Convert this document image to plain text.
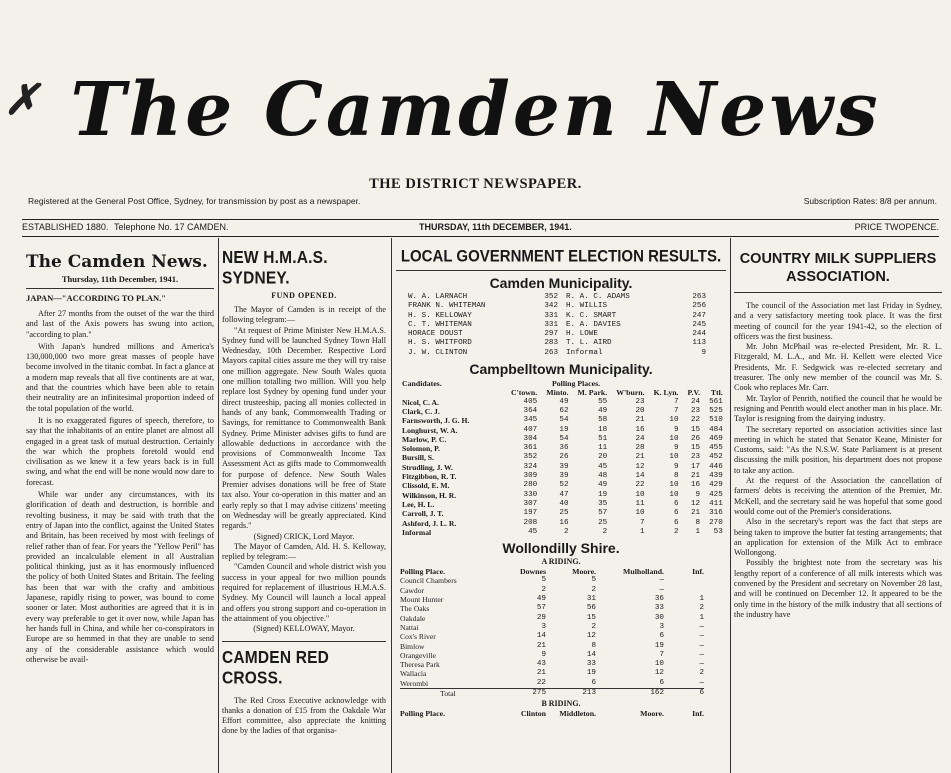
✗ The Camden News
THE DISTRICT NEWSPAPER.
Registered at the General Post Office, Sydney, for transmission by post as a newspaper.	Subscription Rates: 8/8 per annum.
ESTABLISHED 1880. Telephone No. 17 CAMDEN.	THURSDAY, 11th DECEMBER, 1941.	PRICE TWOPENCE.
The Camden News.
Thursday, 11th December, 1941.
JAPAN—"ACCORDING TO PLAN."

After 27 months from the outset of the war the third and last of the Axis powers has swung into action, "according to plan."

With Japan's hundred millions and America's 130,000,000 two more great masses of people have become involved in the titanic combat. In fact a glance at a modern map reveals that all five continents are at war, and that the countries which have been able to retain their neutrality are an infinitesimal proportion indeed of the total population of the world.

It is no exaggerated figures of speech, therefore, to say that the inhabitants of an entire planet are almost all engaged in a great task of mutual destruction. Certainly the war which the prophets foretold would end civilisation as we knew it a few years back is in full swing, and what the end will be none would now dare to forecast.

While war under any circumstances, with its glorification of death and destruction, is horrible and revolting business, it may be said with truth that the entry of Japan into the conflict, against the United States and Britain, has been received by most with feelings of relief rather than of fear. For years the "Yellow Peril" has provided an incalculable element in all Australian political thinking, just as it has enormously influenced the policy of both United States and Britain. The feeling has been that war with the crafty and ambitious Japanese, rapidly rising to power, was bound to come sooner or later. Most authorities are agreed that it is in every way preferable to get it over now, while Japan has her hands full in China, and while her co-conspirators in Europe are so hemmed in that they are unable to send any of the considerable assistance which would otherwise be avail-

NEW H.M.A.S. SYDNEY.
FUND OPENED.

The Mayor of Camden is in receipt of the following telegram:—

"At request of Prime Minister New H.M.A.S. Sydney fund will be launched Sydney Town Hall Wednesday, 10th December. Respective Lord Mayors capital cities assure me they will try raise one million aggregate. New South Wales quota one million totalling two million. Will you help replace lost Sydney by opening fund under your direct trusteeship, pacing all monies collected in hands of any bank, Commonwealth Trading or Savings, for remittance to Commonwealth Bank Sydney. Prime Minister advises gifts to fund are allowable deductions in accordance with the provisions of Commonwealth Income Tax Assessment Act as gifts made to Commonwealth for purpose of defence. New South Wales Premier advises donations will be free of State tax also. Your co-operation in this matter and an early reply so that I may advise citizens' meeting on Wednesday will be greatly appreciated. Kind regards."

(Signed) CRICK, Lord Mayor.

The Mayor of Camden, Ald. H. S. Kelloway, replied by telegram:—

"Camden Council and whole district wish you success in your appeal for two million pounds required for replacement of illustrious H.M.A.S. Sydney. My Council will launch a local appeal and offers you strong support and co-operation in the attainment of you objective."

(Signed) KELLOWAY, Mayor.

CAMDEN RED CROSS.

The Red Cross Executive acknowledge with thanks a donation of £15 from the Oakdale War Effort committee, also appreciate the knitting done by the ladies of that organisa-

LOCAL GOVERNMENT ELECTION RESULTS.
Camden Municipality.
W. A. LARNACH	352	R. A. C. ADAMS	263
FRANK N. WHITEMAN	342	H. WILLIS	256
H. S. KELLOWAY	331	K. C. SMART	247
C. T. WHITEMAN	331	E. A. DAVIES	245
HORACE DOUST	297	H. LOWE	244
H. S. WHITFORD	283	T. L. AIRD	113
J. W. CLINTON	263	Informal	9
Campbelltown Municipality.
Candidates.	Polling Places.						
	C'town.	Minto.	M. Park.	W'burn.	K. Lyn.	P.V.	Ttl.
Nicol, C. A.	405	49	55	23	7	24	561
Clark, C. J.	364	62	49	20	7	23	525
Farnsworth, J. G. H.	345	54	58	21	10	22	510
Longhurst, W. A.	407	19	18	16	9	15	484
Marlow, P. C.	304	54	51	24	10	26	469
Solomon, P.	361	36	11	28	9	15	455
Bursill, S.	352	26	20	21	10	23	452
Strudling, J. W.	324	39	45	12	9	17	446
Fitzgibbon, R. T.	309	39	48	14	8	21	439
Clissold, E. M.	280	52	49	22	10	16	429
Wilkinson, H. R.	330	47	19	10	10	9	425
Lee, H. L.	307	40	35	11	6	12	411
Carroll, J. T.	197	25	57	10	6	21	316
Ashford, J. L. R.	208	16	25	7	6	8	270
Informal	45	2	2	1	2	1	53
Wollondilly Shire.
A RIDING.
Polling Place.	Downes	Moore.	Mulholland.	Inf.
Council Chambers	5	5	—	
Cawdor	2	2	—	
Mount Hunter	49	31	36	1
The Oaks	57	56	33	2
Oakdale	29	15	30	1
Nattai	3	2	3	—
Cox's River	14	12	6	—
Bimlow	21	8	19	—
Orangeville	9	14	7	—
Theresa Park	43	33	10	—
Wallacia	21	19	12	2
Werombi	22	6	6	—
Total	275	213	162	6
B RIDING.
Polling Place.	Clinton	Middleton.	Moore.	Inf.
COUNTRY MILK SUPPLIERS ASSOCIATION.

The council of the Association met last Friday in Sydney, and a very satisfactory meeting took place. It was the first meeting of council for the year 1941-42, so the election of officers was the first business.

Mr. John McPhail was re-elected President, Mr. R. L. Fitzgerald, M. L.A., and Mr. H. Kellett were elected Vice Presidents, Mr. F. Sedgwick was re-elected secretary and treasurer. The only new member of the council was Mr. S. Cook who replaces Mr. Carr.

Mr. Taylor of Penrith, notified the council that he would be resigning and Penrith would elect another man in his place. Mr. Taylor is resigning from the dairying industry.

The secretary reported on association activities since last meeting in which he stated that Senator Keane, Minister for Customs, said: "As the N.S.W. State Parliament is at present discussing the milk position, his department does not propose to take any action.

At the request of the Association the cancellation of farmers' debts is receiving the attention of the Premier, Mr. McKell, and the secretary said he was hopeful that some good would come out of the Premier's considerations.

Also in the secretary's report was the fact that steps are being taken to improve the butter fat testing arrangements; that an application for extension of the Milk Act to embrace Wollongong.

Possibly the brightest note from the secretary was his lengthy report of a conference of all milk interests which was convened by the President and secretary on November 28 last, and will be continued on December 12. It appeared to be the only time in the history of the milk industry that all sections of the industry have
